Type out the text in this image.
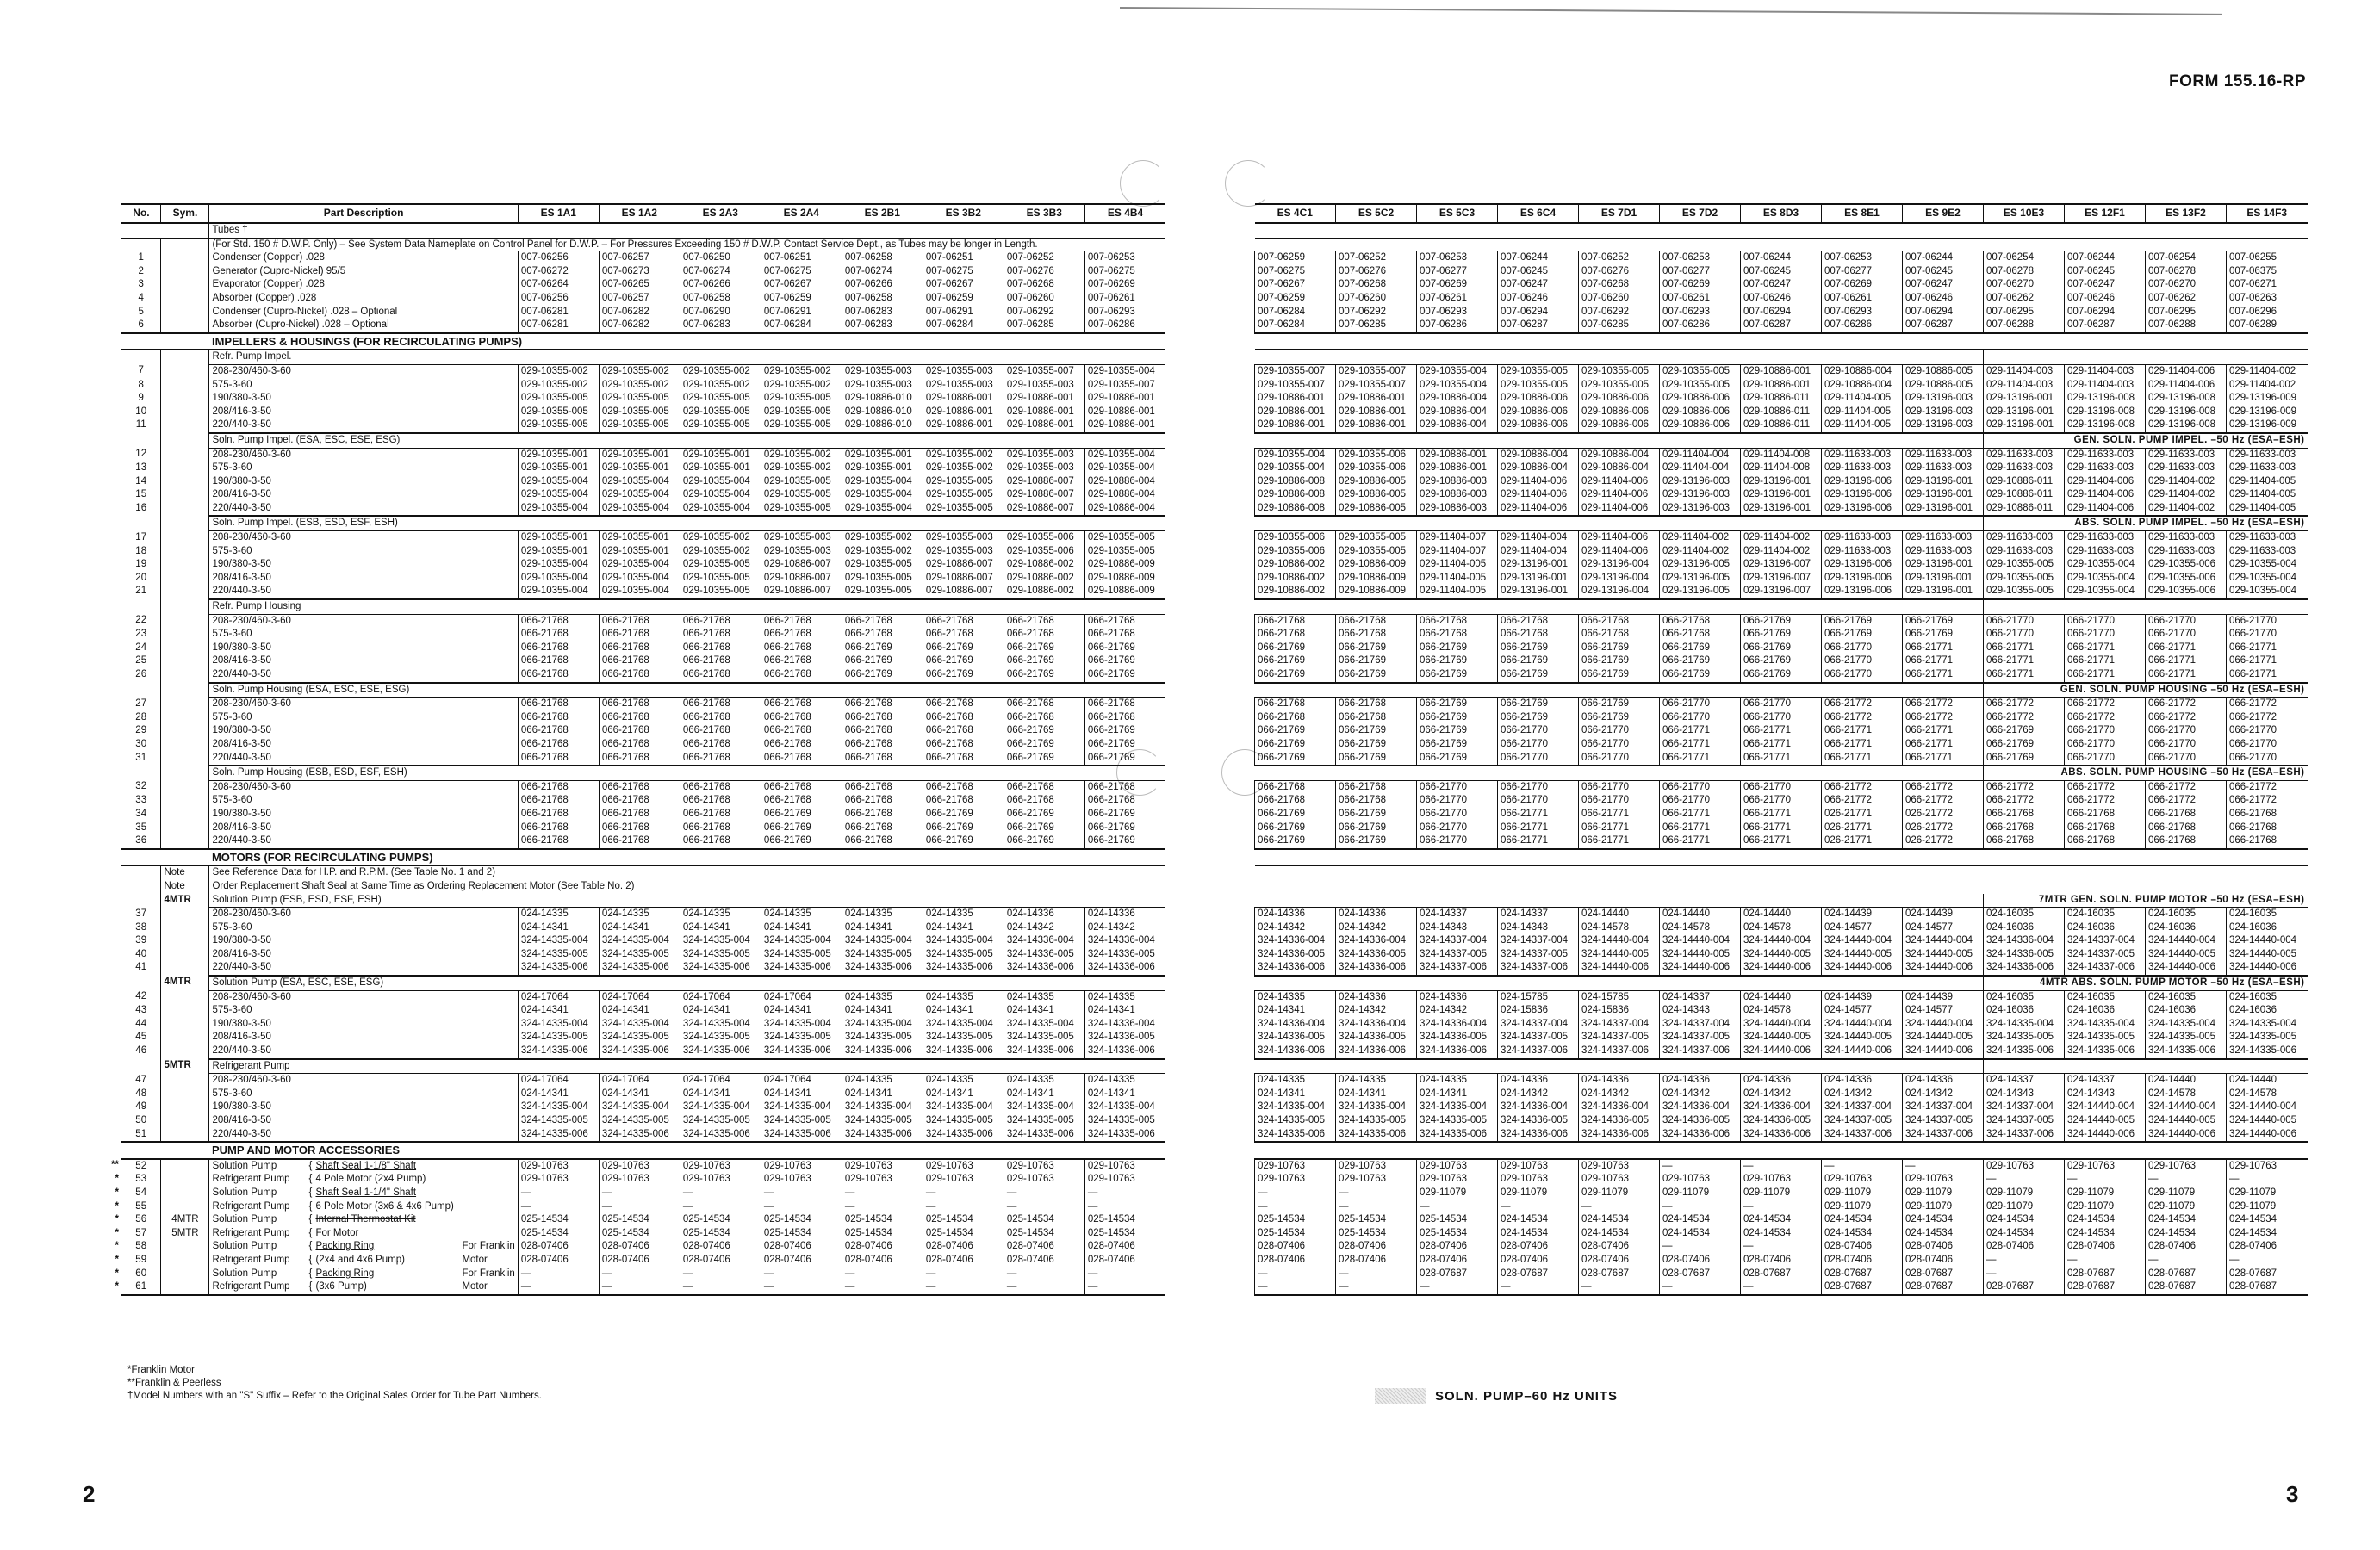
FORM 155.16-RP
	No.	Sym.	Part Description	ES 1A1	ES 1A2	ES 2A3	ES 2A4	ES 2B1	ES 3B2	ES 3B3	ES 4B4
			Tubes †								
			(For Std. 150 # D.W.P. Only) – See System Data Nameplate on Control Panel for D.W.P. – For Pressures Exceeding 150 # D.W.P. Contact Service Dept., as Tubes may be longer in Length.								
	1		Condenser (Copper) .028	007-06256	007-06257	007-06250	007-06251	007-06258	007-06251	007-06252	007-06253
	2		Generator (Cupro-Nickel) 95/5	007-06272	007-06273	007-06274	007-06275	007-06274	007-06275	007-06276	007-06275
	3		Evaporator (Copper) .028	007-06264	007-06265	007-06266	007-06267	007-06266	007-06267	007-06268	007-06269
	4		Absorber (Copper) .028	007-06256	007-06257	007-06258	007-06259	007-06258	007-06259	007-06260	007-06261
	5		Condenser (Cupro-Nickel) .028 – Optional	007-06281	007-06282	007-06290	007-06291	007-06283	007-06291	007-06292	007-06293
	6		Absorber (Cupro-Nickel) .028 – Optional	007-06281	007-06282	007-06283	007-06284	007-06283	007-06284	007-06285	007-06286
			IMPELLERS & HOUSINGS (FOR RECIRCULATING PUMPS)								
			Refr. Pump Impel.								
	7		208-230/460-3-60	029-10355-002	029-10355-002	029-10355-002	029-10355-002	029-10355-003	029-10355-003	029-10355-007	029-10355-004
	8		575-3-60	029-10355-002	029-10355-002	029-10355-002	029-10355-002	029-10355-003	029-10355-003	029-10355-003	029-10355-007
	9		190/380-3-50	029-10355-005	029-10355-005	029-10355-005	029-10355-005	029-10886-010	029-10886-001	029-10886-001	029-10886-001
	10		208/416-3-50	029-10355-005	029-10355-005	029-10355-005	029-10355-005	029-10886-010	029-10886-001	029-10886-001	029-10886-001
	11		220/440-3-50	029-10355-005	029-10355-005	029-10355-005	029-10355-005	029-10886-010	029-10886-001	029-10886-001	029-10886-001
			Soln. Pump Impel. (ESA, ESC, ESE, ESG)								
	12		208-230/460-3-60	029-10355-001	029-10355-001	029-10355-001	029-10355-002	029-10355-001	029-10355-002	029-10355-003	029-10355-004
	13		575-3-60	029-10355-001	029-10355-001	029-10355-001	029-10355-002	029-10355-001	029-10355-002	029-10355-003	029-10355-004
	14		190/380-3-50	029-10355-004	029-10355-004	029-10355-004	029-10355-005	029-10355-004	029-10355-005	029-10886-007	029-10886-004
	15		208/416-3-50	029-10355-004	029-10355-004	029-10355-004	029-10355-005	029-10355-004	029-10355-005	029-10886-007	029-10886-004
	16		220/440-3-50	029-10355-004	029-10355-004	029-10355-004	029-10355-005	029-10355-004	029-10355-005	029-10886-007	029-10886-004
			Soln. Pump Impel. (ESB, ESD, ESF, ESH)								
	17		208-230/460-3-60	029-10355-001	029-10355-001	029-10355-002	029-10355-003	029-10355-002	029-10355-003	029-10355-006	029-10355-005
	18		575-3-60	029-10355-001	029-10355-001	029-10355-002	029-10355-003	029-10355-002	029-10355-003	029-10355-006	029-10355-005
	19		190/380-3-50	029-10355-004	029-10355-004	029-10355-005	029-10886-007	029-10355-005	029-10886-007	029-10886-002	029-10886-009
	20		208/416-3-50	029-10355-004	029-10355-004	029-10355-005	029-10886-007	029-10355-005	029-10886-007	029-10886-002	029-10886-009
	21		220/440-3-50	029-10355-004	029-10355-004	029-10355-005	029-10886-007	029-10355-005	029-10886-007	029-10886-002	029-10886-009
			Refr. Pump Housing								
	22		208-230/460-3-60	066-21768	066-21768	066-21768	066-21768	066-21768	066-21768	066-21768	066-21768
	23		575-3-60	066-21768	066-21768	066-21768	066-21768	066-21768	066-21768	066-21768	066-21768
	24		190/380-3-50	066-21768	066-21768	066-21768	066-21768	066-21769	066-21769	066-21769	066-21769
	25		208/416-3-50	066-21768	066-21768	066-21768	066-21768	066-21769	066-21769	066-21769	066-21769
	26		220/440-3-50	066-21768	066-21768	066-21768	066-21768	066-21769	066-21769	066-21769	066-21769
			Soln. Pump Housing (ESA, ESC, ESE, ESG)								
	27		208-230/460-3-60	066-21768	066-21768	066-21768	066-21768	066-21768	066-21768	066-21768	066-21768
	28		575-3-60	066-21768	066-21768	066-21768	066-21768	066-21768	066-21768	066-21768	066-21768
	29		190/380-3-50	066-21768	066-21768	066-21768	066-21768	066-21768	066-21768	066-21769	066-21769
	30		208/416-3-50	066-21768	066-21768	066-21768	066-21768	066-21768	066-21768	066-21769	066-21769
	31		220/440-3-50	066-21768	066-21768	066-21768	066-21768	066-21768	066-21768	066-21769	066-21769
			Soln. Pump Housing (ESB, ESD, ESF, ESH)								
	32		208-230/460-3-60	066-21768	066-21768	066-21768	066-21768	066-21768	066-21768	066-21768	066-21768
	33		575-3-60	066-21768	066-21768	066-21768	066-21768	066-21768	066-21768	066-21768	066-21768
	34		190/380-3-50	066-21768	066-21768	066-21768	066-21769	066-21768	066-21769	066-21769	066-21769
	35		208/416-3-50	066-21768	066-21768	066-21768	066-21769	066-21768	066-21769	066-21769	066-21769
	36		220/440-3-50	066-21768	066-21768	066-21768	066-21769	066-21768	066-21769	066-21769	066-21769
			MOTORS (FOR RECIRCULATING PUMPS)								
		Note	See Reference Data for H.P. and R.P.M. (See Table No. 1 and 2)								
		Note	Order Replacement Shaft Seal at Same Time as Ordering Replacement Motor (See Table No. 2)								
		4MTR	Solution Pump (ESB, ESD, ESF, ESH)								
	37		208-230/460-3-60	024-14335	024-14335	024-14335	024-14335	024-14335	024-14335	024-14336	024-14336
	38		575-3-60	024-14341	024-14341	024-14341	024-14341	024-14341	024-14341	024-14342	024-14342
	39		190/380-3-50	324-14335-004	324-14335-004	324-14335-004	324-14335-004	324-14335-004	324-14335-004	324-14336-004	324-14336-004
	40		208/416-3-50	324-14335-005	324-14335-005	324-14335-005	324-14335-005	324-14335-005	324-14335-005	324-14336-005	324-14336-005
	41		220/440-3-50	324-14335-006	324-14335-006	324-14335-006	324-14335-006	324-14335-006	324-14335-006	324-14336-006	324-14336-006
		4MTR	Solution Pump (ESA, ESC, ESE, ESG)								
	42		208-230/460-3-60	024-17064	024-17064	024-17064	024-17064	024-14335	024-14335	024-14335	024-14335
	43		575-3-60	024-14341	024-14341	024-14341	024-14341	024-14341	024-14341	024-14341	024-14341
	44		190/380-3-50	324-14335-004	324-14335-004	324-14335-004	324-14335-004	324-14335-004	324-14335-004	324-14335-004	324-14336-004
	45		208/416-3-50	324-14335-005	324-14335-005	324-14335-005	324-14335-005	324-14335-005	324-14335-005	324-14335-005	324-14336-005
	46		220/440-3-50	324-14335-006	324-14335-006	324-14335-006	324-14335-006	324-14335-006	324-14335-006	324-14335-006	324-14336-006
		5MTR	Refrigerant Pump								
	47		208-230/460-3-60	024-17064	024-17064	024-17064	024-17064	024-14335	024-14335	024-14335	024-14335
	48		575-3-60	024-14341	024-14341	024-14341	024-14341	024-14341	024-14341	024-14341	024-14341
	49		190/380-3-50	324-14335-004	324-14335-004	324-14335-004	324-14335-004	324-14335-004	324-14335-004	324-14335-004	324-14335-004
	50		208/416-3-50	324-14335-005	324-14335-005	324-14335-005	324-14335-005	324-14335-005	324-14335-005	324-14335-005	324-14335-005
	51		220/440-3-50	324-14335-006	324-14335-006	324-14335-006	324-14335-006	324-14335-006	324-14335-006	324-14335-006	324-14335-006
			PUMP AND MOTOR ACCESSORIES								
**	52		Solution Pump { Shaft Seal 1-1/8" Shaft	029-10763	029-10763	029-10763	029-10763	029-10763	029-10763	029-10763	029-10763
*	53		Refrigerant Pump { 4 Pole Motor (2x4 Pump)	029-10763	029-10763	029-10763	029-10763	029-10763	029-10763	029-10763	029-10763
*	54		Solution Pump { Shaft Seal 1-1/4" Shaft	—	—	—	—	—	—	—	—
*	55		Refrigerant Pump { 6 Pole Motor (3x6 & 4x6 Pump)	—	—	—	—	—	—	—	—
*	56	4MTR	Solution Pump { Internal Thermostat Kit	025-14534	025-14534	025-14534	025-14534	025-14534	025-14534	025-14534	025-14534
*	57	5MTR	Refrigerant Pump { For Motor	025-14534	025-14534	025-14534	025-14534	025-14534	025-14534	025-14534	025-14534
*	58		Solution Pump { Packing Ring For Franklin	028-07406	028-07406	028-07406	028-07406	028-07406	028-07406	028-07406	028-07406
*	59		Refrigerant Pump { (2x4 and 4x6 Pump) Motor	028-07406	028-07406	028-07406	028-07406	028-07406	028-07406	028-07406	028-07406
*	60		Solution Pump { Packing Ring For Franklin	—	—	—	—	—	—	—	—
*	61		Refrigerant Pump { (3x6 Pump) Motor	—	—	—	—	—	—	—	—
ES 4C1	ES 5C2	ES 5C3	ES 6C4	ES 7D1	ES 7D2	ES 8D3	ES 8E1	ES 9E2	ES 10E3	ES 12F1	ES 13F2	ES 14F3

007-06259	007-06252	007-06253	007-06244	007-06252	007-06253	007-06244	007-06253	007-06244	007-06254	007-06244	007-06254	007-06255
007-06275	007-06276	007-06277	007-06245	007-06276	007-06277	007-06245	007-06277	007-06245	007-06278	007-06245	007-06278	007-06375
007-06267	007-06268	007-06269	007-06247	007-06268	007-06269	007-06247	007-06269	007-06247	007-06270	007-06247	007-06270	007-06271
007-06259	007-06260	007-06261	007-06246	007-06260	007-06261	007-06246	007-06261	007-06246	007-06262	007-06246	007-06262	007-06263
007-06284	007-06292	007-06293	007-06294	007-06292	007-06293	007-06294	007-06293	007-06294	007-06295	007-06294	007-06295	007-06296
007-06284	007-06285	007-06286	007-06287	007-06285	007-06286	007-06287	007-06286	007-06287	007-06288	007-06287	007-06288	007-06289

029-10355-007	029-10355-007	029-10355-004	029-10355-005	029-10355-005	029-10355-005	029-10886-001	029-10886-004	029-10886-005	029-11404-003	029-11404-003	029-11404-006	029-11404-002
029-10355-007	029-10355-007	029-10355-004	029-10355-005	029-10355-005	029-10355-005	029-10886-001	029-10886-004	029-10886-005	029-11404-003	029-11404-003	029-11404-006	029-11404-002
029-10886-001	029-10886-001	029-10886-004	029-10886-006	029-10886-006	029-10886-006	029-10886-011	029-11404-005	029-13196-003	029-13196-001	029-13196-008	029-13196-008	029-13196-009
029-10886-001	029-10886-001	029-10886-004	029-10886-006	029-10886-006	029-10886-006	029-10886-011	029-11404-005	029-13196-003	029-13196-001	029-13196-008	029-13196-008	029-13196-009
029-10886-001	029-10886-001	029-10886-004	029-10886-006	029-10886-006	029-10886-006	029-10886-011	029-11404-005	029-13196-003	029-13196-001	029-13196-008	029-13196-008	029-13196-009
									GEN. SOLN. PUMP IMPEL. –50 Hz (ESA–ESH)			
029-10355-004	029-10355-006	029-10886-001	029-10886-004	029-10886-004	029-11404-004	029-11404-008	029-11633-003	029-11633-003	029-11633-003	029-11633-003	029-11633-003	029-11633-003
029-10355-004	029-10355-006	029-10886-001	029-10886-004	029-10886-004	029-11404-004	029-11404-008	029-11633-003	029-11633-003	029-11633-003	029-11633-003	029-11633-003	029-11633-003
029-10886-008	029-10886-005	029-10886-003	029-11404-006	029-11404-006	029-13196-003	029-13196-001	029-13196-006	029-13196-001	029-10886-011	029-11404-006	029-11404-002	029-11404-005
029-10886-008	029-10886-005	029-10886-003	029-11404-006	029-11404-006	029-13196-003	029-13196-001	029-13196-006	029-13196-001	029-10886-011	029-11404-006	029-11404-002	029-11404-005
029-10886-008	029-10886-005	029-10886-003	029-11404-006	029-11404-006	029-13196-003	029-13196-001	029-13196-006	029-13196-001	029-10886-011	029-11404-006	029-11404-002	029-11404-005
									ABS. SOLN. PUMP IMPEL. –50 Hz (ESA–ESH)			
029-10355-006	029-10355-005	029-11404-007	029-11404-004	029-11404-006	029-11404-002	029-11404-002	029-11633-003	029-11633-003	029-11633-003	029-11633-003	029-11633-003	029-11633-003
029-10355-006	029-10355-005	029-11404-007	029-11404-004	029-11404-006	029-11404-002	029-11404-002	029-11633-003	029-11633-003	029-11633-003	029-11633-003	029-11633-003	029-11633-003
029-10886-002	029-10886-009	029-11404-005	029-13196-001	029-13196-004	029-13196-005	029-13196-007	029-13196-006	029-13196-001	029-10355-005	029-10355-004	029-10355-006	029-10355-004
029-10886-002	029-10886-009	029-11404-005	029-13196-001	029-13196-004	029-13196-005	029-13196-007	029-13196-006	029-13196-001	029-10355-005	029-10355-004	029-10355-006	029-10355-004
029-10886-002	029-10886-009	029-11404-005	029-13196-001	029-13196-004	029-13196-005	029-13196-007	029-13196-006	029-13196-001	029-10355-005	029-10355-004	029-10355-006	029-10355-004

066-21768	066-21768	066-21768	066-21768	066-21768	066-21768	066-21769	066-21769	066-21769	066-21770	066-21770	066-21770	066-21770
066-21768	066-21768	066-21768	066-21768	066-21768	066-21768	066-21769	066-21769	066-21769	066-21770	066-21770	066-21770	066-21770
066-21769	066-21769	066-21769	066-21769	066-21769	066-21769	066-21769	066-21770	066-21771	066-21771	066-21771	066-21771	066-21771
066-21769	066-21769	066-21769	066-21769	066-21769	066-21769	066-21769	066-21770	066-21771	066-21771	066-21771	066-21771	066-21771
066-21769	066-21769	066-21769	066-21769	066-21769	066-21769	066-21769	066-21770	066-21771	066-21771	066-21771	066-21771	066-21771
									GEN. SOLN. PUMP HOUSING –50 Hz (ESA–ESH)			
066-21768	066-21768	066-21769	066-21769	066-21769	066-21770	066-21770	066-21772	066-21772	066-21772	066-21772	066-21772	066-21772
066-21768	066-21768	066-21769	066-21769	066-21769	066-21770	066-21770	066-21772	066-21772	066-21772	066-21772	066-21772	066-21772
066-21769	066-21769	066-21769	066-21770	066-21770	066-21771	066-21771	066-21771	066-21771	066-21769	066-21770	066-21770	066-21770
066-21769	066-21769	066-21769	066-21770	066-21770	066-21771	066-21771	066-21771	066-21771	066-21769	066-21770	066-21770	066-21770
066-21769	066-21769	066-21769	066-21770	066-21770	066-21771	066-21771	066-21771	066-21771	066-21769	066-21770	066-21770	066-21770
									ABS. SOLN. PUMP HOUSING –50 Hz (ESA–ESH)			
066-21768	066-21768	066-21770	066-21770	066-21770	066-21770	066-21770	066-21772	066-21772	066-21772	066-21772	066-21772	066-21772
066-21768	066-21768	066-21770	066-21770	066-21770	066-21770	066-21770	066-21772	066-21772	066-21772	066-21772	066-21772	066-21772
066-21769	066-21769	066-21770	066-21771	066-21771	066-21771	066-21771	026-21771	026-21772	066-21768	066-21768	066-21768	066-21768
066-21769	066-21769	066-21770	066-21771	066-21771	066-21771	066-21771	026-21771	026-21772	066-21768	066-21768	066-21768	066-21768
066-21769	066-21769	066-21770	066-21771	066-21771	066-21771	066-21771	026-21771	026-21772	066-21768	066-21768	066-21768	066-21768

									7MTR GEN. SOLN. PUMP MOTOR –50 Hz (ESA–ESH)			
024-14336	024-14336	024-14337	024-14337	024-14440	024-14440	024-14440	024-14439	024-14439	024-16035	024-16035	024-16035	024-16035
024-14342	024-14342	024-14343	024-14343	024-14578	024-14578	024-14578	024-14577	024-14577	024-16036	024-16036	024-16036	024-16036
324-14336-004	324-14336-004	324-14337-004	324-14337-004	324-14440-004	324-14440-004	324-14440-004	324-14440-004	324-14440-004	324-14336-004	324-14337-004	324-14440-004	324-14440-004
324-14336-005	324-14336-005	324-14337-005	324-14337-005	324-14440-005	324-14440-005	324-14440-005	324-14440-005	324-14440-005	324-14336-005	324-14337-005	324-14440-005	324-14440-005
324-14336-006	324-14336-006	324-14337-006	324-14337-006	324-14440-006	324-14440-006	324-14440-006	324-14440-006	324-14440-006	324-14336-006	324-14337-006	324-14440-006	324-14440-006
									4MTR ABS. SOLN. PUMP MOTOR –50 Hz (ESA–ESH)			
024-14335	024-14336	024-14336	024-15785	024-15785	024-14337	024-14440	024-14439	024-14439	024-16035	024-16035	024-16035	024-16035
024-14341	024-14342	024-14342	024-15836	024-15836	024-14343	024-14578	024-14577	024-14577	024-16036	024-16036	024-16036	024-16036
324-14336-004	324-14336-004	324-14336-004	324-14337-004	324-14337-004	324-14337-004	324-14440-004	324-14440-004	324-14440-004	324-14335-004	324-14335-004	324-14335-004	324-14335-004
324-14336-005	324-14336-005	324-14336-005	324-14337-005	324-14337-005	324-14337-005	324-14440-005	324-14440-005	324-14440-005	324-14335-005	324-14335-005	324-14335-005	324-14335-005
324-14336-006	324-14336-006	324-14336-006	324-14337-006	324-14337-006	324-14337-006	324-14440-006	324-14440-006	324-14440-006	324-14335-006	324-14335-006	324-14335-006	324-14335-006

024-14335	024-14335	024-14335	024-14336	024-14336	024-14336	024-14336	024-14336	024-14336	024-14337	024-14337	024-14440	024-14440
024-14341	024-14341	024-14341	024-14342	024-14342	024-14342	024-14342	024-14342	024-14342	024-14343	024-14343	024-14578	024-14578
324-14335-004	324-14335-004	324-14335-004	324-14336-004	324-14336-004	324-14336-004	324-14336-004	324-14337-004	324-14337-004	324-14337-004	324-14440-004	324-14440-004	324-14440-004
324-14335-005	324-14335-005	324-14335-005	324-14336-005	324-14336-005	324-14336-005	324-14336-005	324-14337-005	324-14337-005	324-14337-005	324-14440-005	324-14440-005	324-14440-005
324-14335-006	324-14335-006	324-14335-006	324-14336-006	324-14336-006	324-14336-006	324-14336-006	324-14337-006	324-14337-006	324-14337-006	324-14440-006	324-14440-006	324-14440-006

029-10763	029-10763	029-10763	029-10763	029-10763	—	—	—	—	029-10763	029-10763	029-10763	029-10763
029-10763	029-10763	029-10763	029-10763	029-10763	029-10763	029-10763	029-10763	029-10763	—	—	—	—
—	—	029-11079	029-11079	029-11079	029-11079	029-11079	029-11079	029-11079	029-11079	029-11079	029-11079	029-11079
—	—	—	—	—	—	—	029-11079	029-11079	029-11079	029-11079	029-11079	029-11079
025-14534	025-14534	025-14534	024-14534	024-14534	024-14534	024-14534	024-14534	024-14534	024-14534	024-14534	024-14534	024-14534
025-14534	025-14534	025-14534	024-14534	024-14534	024-14534	024-14534	024-14534	024-14534	024-14534	024-14534	024-14534	024-14534
028-07406	028-07406	028-07406	028-07406	028-07406	—	—	028-07406	028-07406	028-07406	028-07406	028-07406	028-07406
028-07406	028-07406	028-07406	028-07406	028-07406	028-07406	028-07406	028-07406	028-07406	—	—	—	—
—	—	028-07687	028-07687	028-07687	028-07687	028-07687	028-07687	028-07687	—	028-07687	028-07687	028-07687
—	—	—	—	—	—	—	028-07687	028-07687	028-07687	028-07687	028-07687	028-07687
*Franklin Motor
**Franklin & Peerless
†Model Numbers with an "S" Suffix – Refer to the Original Sales Order for Tube Part Numbers.	SOLN. PUMP–60 Hz UNITS
2	3
